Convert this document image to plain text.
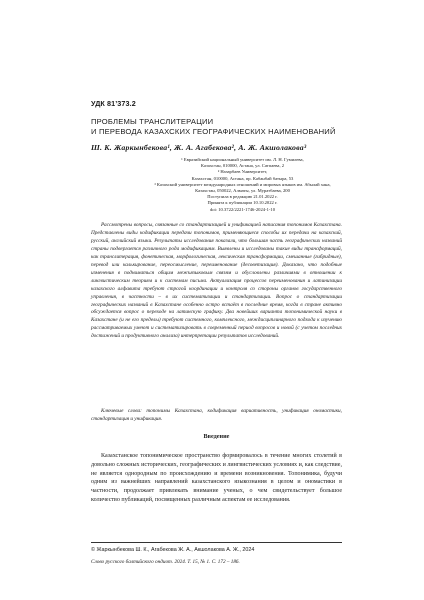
УДК 81’373.2
ПРОБЛЕМЫ ТРАНСЛИТЕРАЦИИ
И ПЕРЕВОДА КАЗАХСКИХ ГЕОГРАФИЧЕСКИХ НАИМЕНОВАНИЙ
Ш. К. Жаркынбекова¹, Ж. А. Агабекова², А. Ж. Акшолакова³
¹ Евразийский национальный университет им. Л. Н. Гумилева,
Казахстан, 010000, Астана, ул. Сатпаева, 2
² Назарбаев Университет,
Казахстан, 010000, Астана, пр. Кабанбай батыра, 53
³ Казахский университет международных отношений и мировых языков им. Абылай хана,
Казахстан, 050022, Алматы, ул. Муратбаева, 200
Поступила в редакцию 21.01.2022 г.
Принята к публикации 10.10.2022 г.
doi: 10.3722/2221-1746-2024-1-10

Рассмотрены вопросы, связанные со стандартизацией и унификацией написания топонимов Казахстана. Представлены виды кодификации передачи топонимов, применяющиеся способы их передачи на казахский, русский, английский языки. Результаты исследования показали, что большая часть географических названий страны подвергается различного рода модификациям. Выявлены и исследованы такие виды трансформаций, как транслитерация, фонетическая, морфологическая, лексическая трансформации, смешанные (гибридные), перевод или калькирование, переосмысление, переименование (десоветизация). Доказано, что подобные изменения в подниматься общим межъязыковым связям и обусловлены различиями в отношении к лингвистическим теориям и к системам письма. Актуализация процессов переименования и латинизации казахского алфавита требуют строгой координации и контроля со стороны органов государственного управления, в частности – в их систематизации и стандартизации. Вопрос о стандартизации географических названий в Казахстане особенно остро встаёт в последние время, когда в стране активно обсуждается вопрос о переходе на латинскую графику. Два новейших варианта топонимической науки в Казахстане (и не его пределы) требуют системного, комплексного, междисциплинарного подхода к изучению рассматриваемых умеют и систематизировать в современный период вопросов и новой (с учетом последних достижений и продуктивного анализа) интерпретации результатов исследований.

Ключевые слова: топонимы Казахстана, кодификация вариативность, унификация ономастики, стандартизация и унификация.

Введение

Казахстанское топонимическое пространство формировалось в течение многих столетий в довольно сложных исторических, географических и лингвистических условиях и, как следствие, не является однородным по происхождению и времени возникновения. Топонимика, будучи одним из важнейших направлений казахстанского языкознания в целом и ономастики в частности, продолжает привлекать внимание ученых, о чем свидетельствует большое количество публикаций, посвященных различным аспектам ее исследования.

© Жаркынбекова Ш. К., Агабекова Ж. А., Акшолакова А. Ж., 2024
Слово русского балтийского ондиот. 2024. Т. 15, № 1. С. 172 – 186.
